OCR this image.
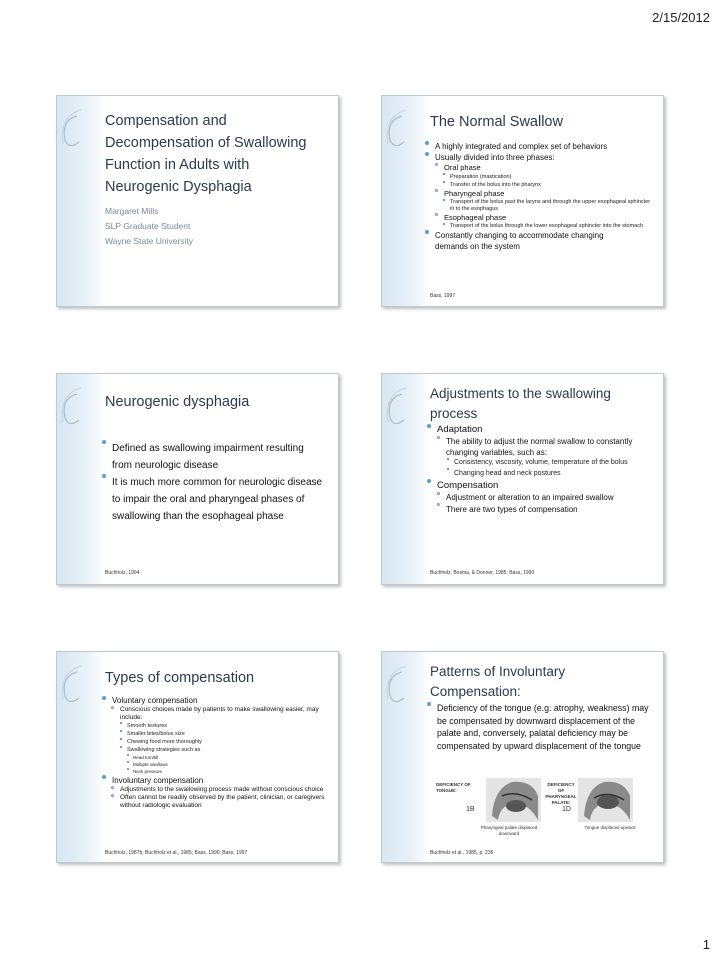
2/15/2012
Compensation and Decompensation of Swallowing Function in Adults with Neurogenic Dysphagia
Margaret Mills
SLP Graduate Student
Wayne State University
The Normal Swallow
A highly integrated and complex set of behaviors
Usually divided into three phases:
Oral phase
Preparation (mastication)
Transfer of the bolus into the pharynx
Pharyngeal phase
Transport of the bolus past the larynx and through the upper esophageal sphincter in to the esophagus
Esophageal phase
Transport of the bolus through the lower esophageal sphincter into the stomach
Constantly changing to accommodate changing demands on the system
Bass, 1997
Neurogenic dysphagia
Defined as swallowing impairment resulting from neurologic disease
It is much more common for neurologic disease to impair the oral and pharyngeal phases of swallowing than the esophageal phase
Buchholz, 1994
Adjustments to the swallowing process
Adaptation
The ability to adjust the normal swallow to constantly changing variables, such as:
Consistency, viscosity, volume, temperature of the bolus
Changing head and neck postures
Compensation
Adjustment or alteration to an impaired swallow
There are two types of compensation
Buchholz, Bosma, & Donner, 1985; Bass, 1990
Types of compensation
Voluntary compensation
Conscious choices made by patients to make swallowing easier, may include:
Smooth textures
Smaller bites/bolus size
Chewing food more thoroughly
Swallowing strategies such as
Head turn/tilt
Multiple swallows
Neck pressure
Involuntary compensation
Adjustments to the swallowing process made without conscious choice
Often cannot be readily observed by the patient, clinician, or caregivers without radiologic evaluation
Buchholz, 1987b; Buchholz et al., 1985; Bass, 1990; Bass, 1997
Patterns of Involuntary Compensation:
Deficiency of the tongue (e.g. atrophy, weakness) may be compensated by downward displacement of the palate and, conversely, palatal deficiency may be compensated by upward displacement of the tongue
DEFICIENCY OF TONGUE:
DEFICIENCY OF PHARYNGEAL PALATE:
1B	1D
Pharyngeal palate displaced downward
Tongue displaced upward
Buchholz et al., 1985, p. 236
1
